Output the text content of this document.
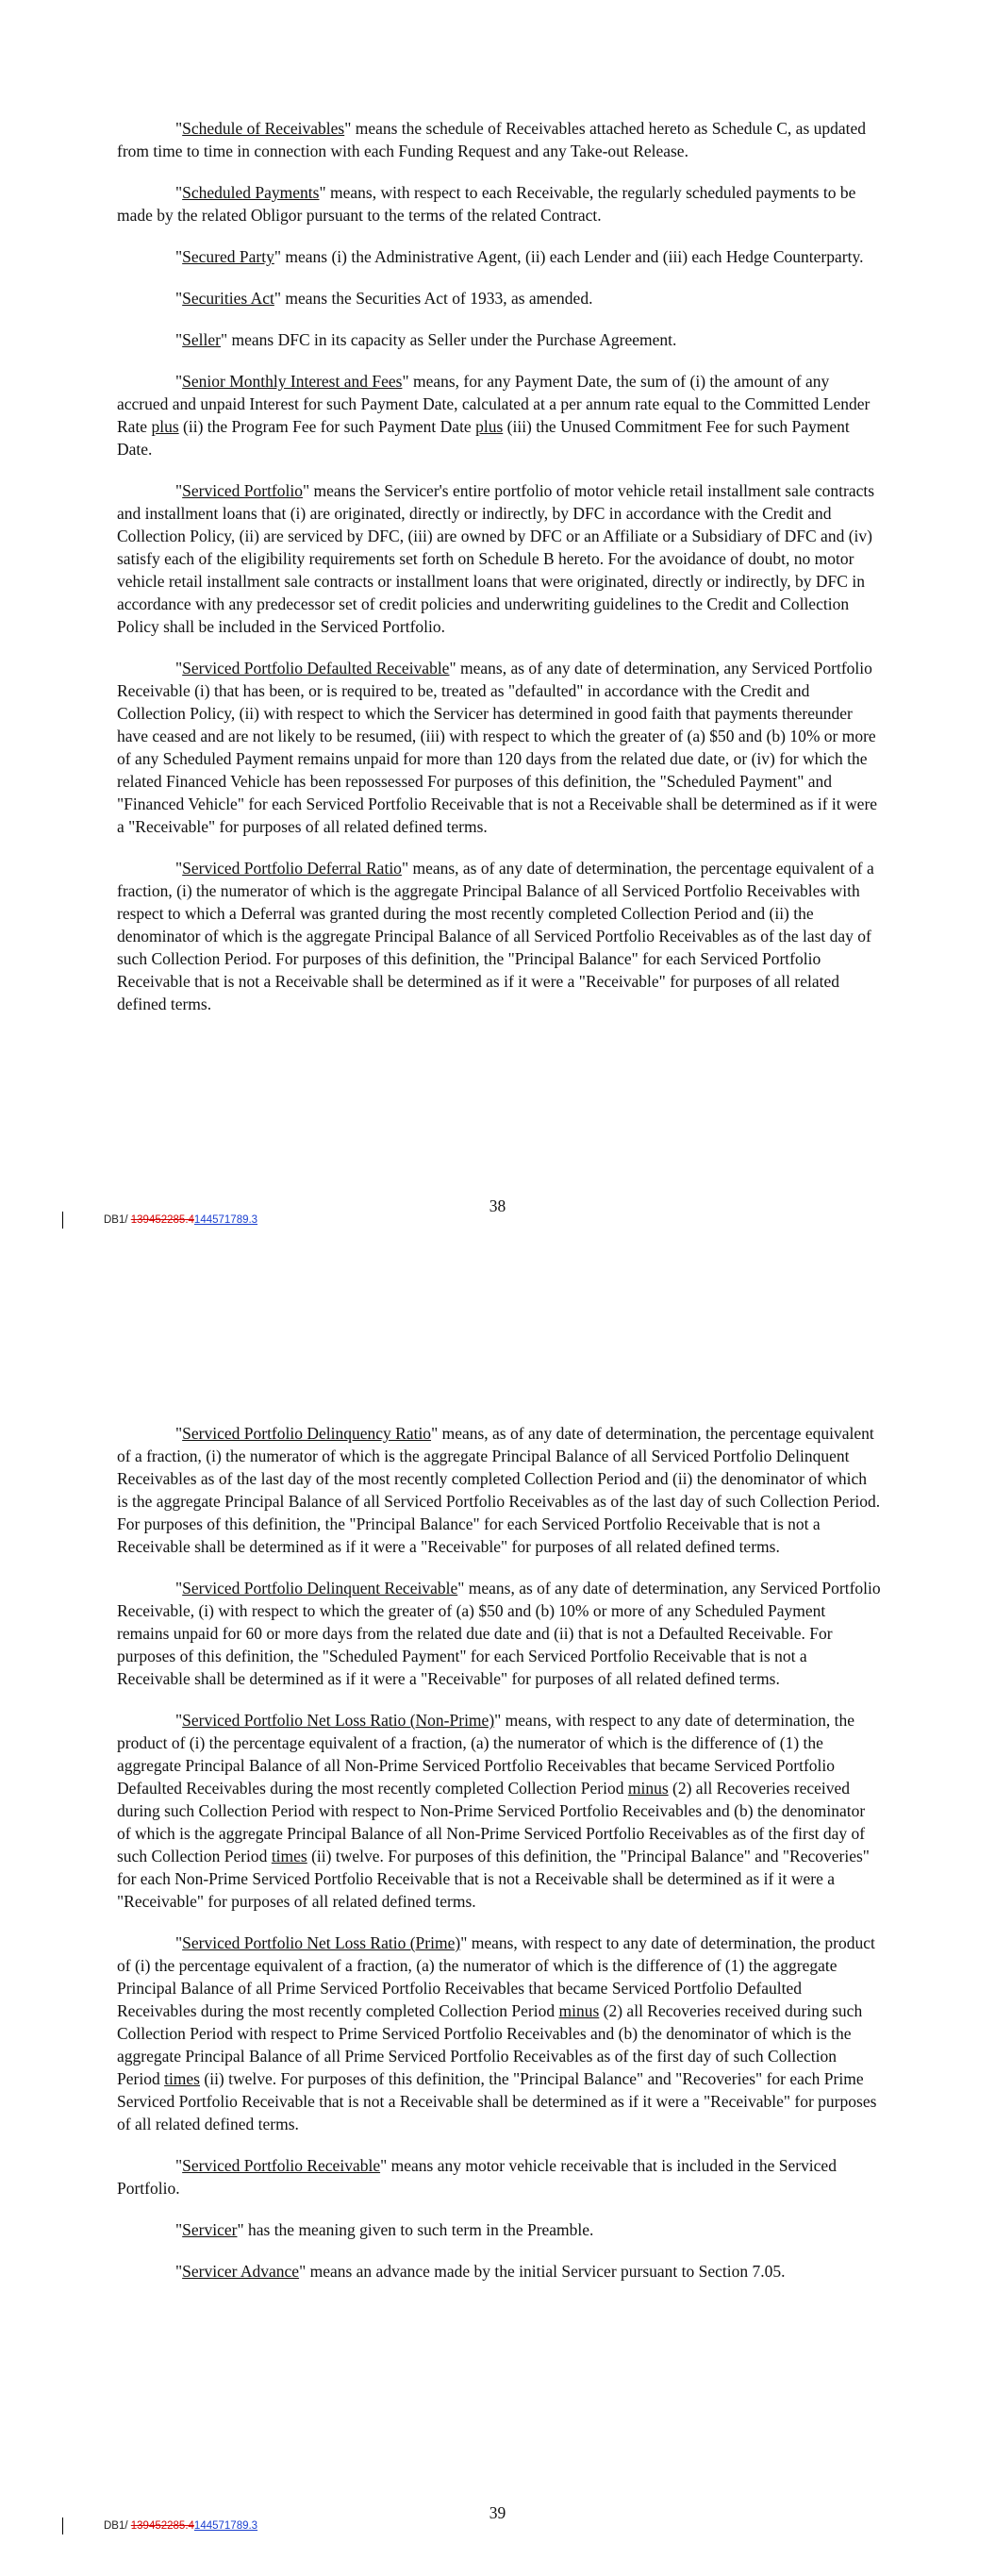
"Schedule of Receivables" means the schedule of Receivables attached hereto as Schedule C, as updated from time to time in connection with each Funding Request and any Take-out Release.

"Scheduled Payments" means, with respect to each Receivable, the regularly scheduled payments to be made by the related Obligor pursuant to the terms of the related Contract.

"Secured Party" means (i) the Administrative Agent, (ii) each Lender and (iii) each Hedge Counterparty.

"Securities Act" means the Securities Act of 1933, as amended.

"Seller" means DFC in its capacity as Seller under the Purchase Agreement.

"Senior Monthly Interest and Fees" means, for any Payment Date, the sum of (i) the amount of any accrued and unpaid Interest for such Payment Date, calculated at a per annum rate equal to the Committed Lender Rate plus (ii) the Program Fee for such Payment Date plus (iii) the Unused Commitment Fee for such Payment Date.

"Serviced Portfolio" means the Servicer's entire portfolio of motor vehicle retail installment sale contracts and installment loans that (i) are originated, directly or indirectly, by DFC in accordance with the Credit and Collection Policy, (ii) are serviced by DFC, (iii) are owned by DFC or an Affiliate or a Subsidiary of DFC and (iv) satisfy each of the eligibility requirements set forth on Schedule B hereto. For the avoidance of doubt, no motor vehicle retail installment sale contracts or installment loans that were originated, directly or indirectly, by DFC in accordance with any predecessor set of credit policies and underwriting guidelines to the Credit and Collection Policy shall be included in the Serviced Portfolio.

"Serviced Portfolio Defaulted Receivable" means, as of any date of determination, any Serviced Portfolio Receivable (i) that has been, or is required to be, treated as "defaulted" in accordance with the Credit and Collection Policy, (ii) with respect to which the Servicer has determined in good faith that payments thereunder have ceased and are not likely to be resumed, (iii) with respect to which the greater of (a) $50 and (b) 10% or more of any Scheduled Payment remains unpaid for more than 120 days from the related due date, or (iv) for which the related Financed Vehicle has been repossessed For purposes of this definition, the "Scheduled Payment" and "Financed Vehicle" for each Serviced Portfolio Receivable that is not a Receivable shall be determined as if it were a "Receivable" for purposes of all related defined terms.

"Serviced Portfolio Deferral Ratio" means, as of any date of determination, the percentage equivalent of a fraction, (i) the numerator of which is the aggregate Principal Balance of all Serviced Portfolio Receivables with respect to which a Deferral was granted during the most recently completed Collection Period and (ii) the denominator of which is the aggregate Principal Balance of all Serviced Portfolio Receivables as of the last day of such Collection Period. For purposes of this definition, the "Principal Balance" for each Serviced Portfolio Receivable that is not a Receivable shall be determined as if it were a "Receivable" for purposes of all related defined terms.

38
DB1/ 139452285.4144571789.3

"Serviced Portfolio Delinquency Ratio" means, as of any date of determination, the percentage equivalent of a fraction, (i) the numerator of which is the aggregate Principal Balance of all Serviced Portfolio Delinquent Receivables as of the last day of the most recently completed Collection Period and (ii) the denominator of which is the aggregate Principal Balance of all Serviced Portfolio Receivables as of the last day of such Collection Period. For purposes of this definition, the "Principal Balance" for each Serviced Portfolio Receivable that is not a Receivable shall be determined as if it were a "Receivable" for purposes of all related defined terms.

"Serviced Portfolio Delinquent Receivable" means, as of any date of determination, any Serviced Portfolio Receivable, (i) with respect to which the greater of (a) $50 and (b) 10% or more of any Scheduled Payment remains unpaid for 60 or more days from the related due date and (ii) that is not a Defaulted Receivable. For purposes of this definition, the "Scheduled Payment" for each Serviced Portfolio Receivable that is not a Receivable shall be determined as if it were a "Receivable" for purposes of all related defined terms.

"Serviced Portfolio Net Loss Ratio (Non-Prime)" means, with respect to any date of determination, the product of (i) the percentage equivalent of a fraction, (a) the numerator of which is the difference of (1) the aggregate Principal Balance of all Non-Prime Serviced Portfolio Receivables that became Serviced Portfolio Defaulted Receivables during the most recently completed Collection Period minus (2) all Recoveries received during such Collection Period with respect to Non-Prime Serviced Portfolio Receivables and (b) the denominator of which is the aggregate Principal Balance of all Non-Prime Serviced Portfolio Receivables as of the first day of such Collection Period times (ii) twelve. For purposes of this definition, the "Principal Balance" and "Recoveries" for each Non-Prime Serviced Portfolio Receivable that is not a Receivable shall be determined as if it were a "Receivable" for purposes of all related defined terms.

"Serviced Portfolio Net Loss Ratio (Prime)" means, with respect to any date of determination, the product of (i) the percentage equivalent of a fraction, (a) the numerator of which is the difference of (1) the aggregate Principal Balance of all Prime Serviced Portfolio Receivables that became Serviced Portfolio Defaulted Receivables during the most recently completed Collection Period minus (2) all Recoveries received during such Collection Period with respect to Prime Serviced Portfolio Receivables and (b) the denominator of which is the aggregate Principal Balance of all Prime Serviced Portfolio Receivables as of the first day of such Collection Period times (ii) twelve. For purposes of this definition, the "Principal Balance" and "Recoveries" for each Prime Serviced Portfolio Receivable that is not a Receivable shall be determined as if it were a "Receivable" for purposes of all related defined terms.

"Serviced Portfolio Receivable" means any motor vehicle receivable that is included in the Serviced Portfolio.

"Servicer" has the meaning given to such term in the Preamble.

"Servicer Advance" means an advance made by the initial Servicer pursuant to Section 7.05.

39
DB1/ 139452285.4144571789.3
